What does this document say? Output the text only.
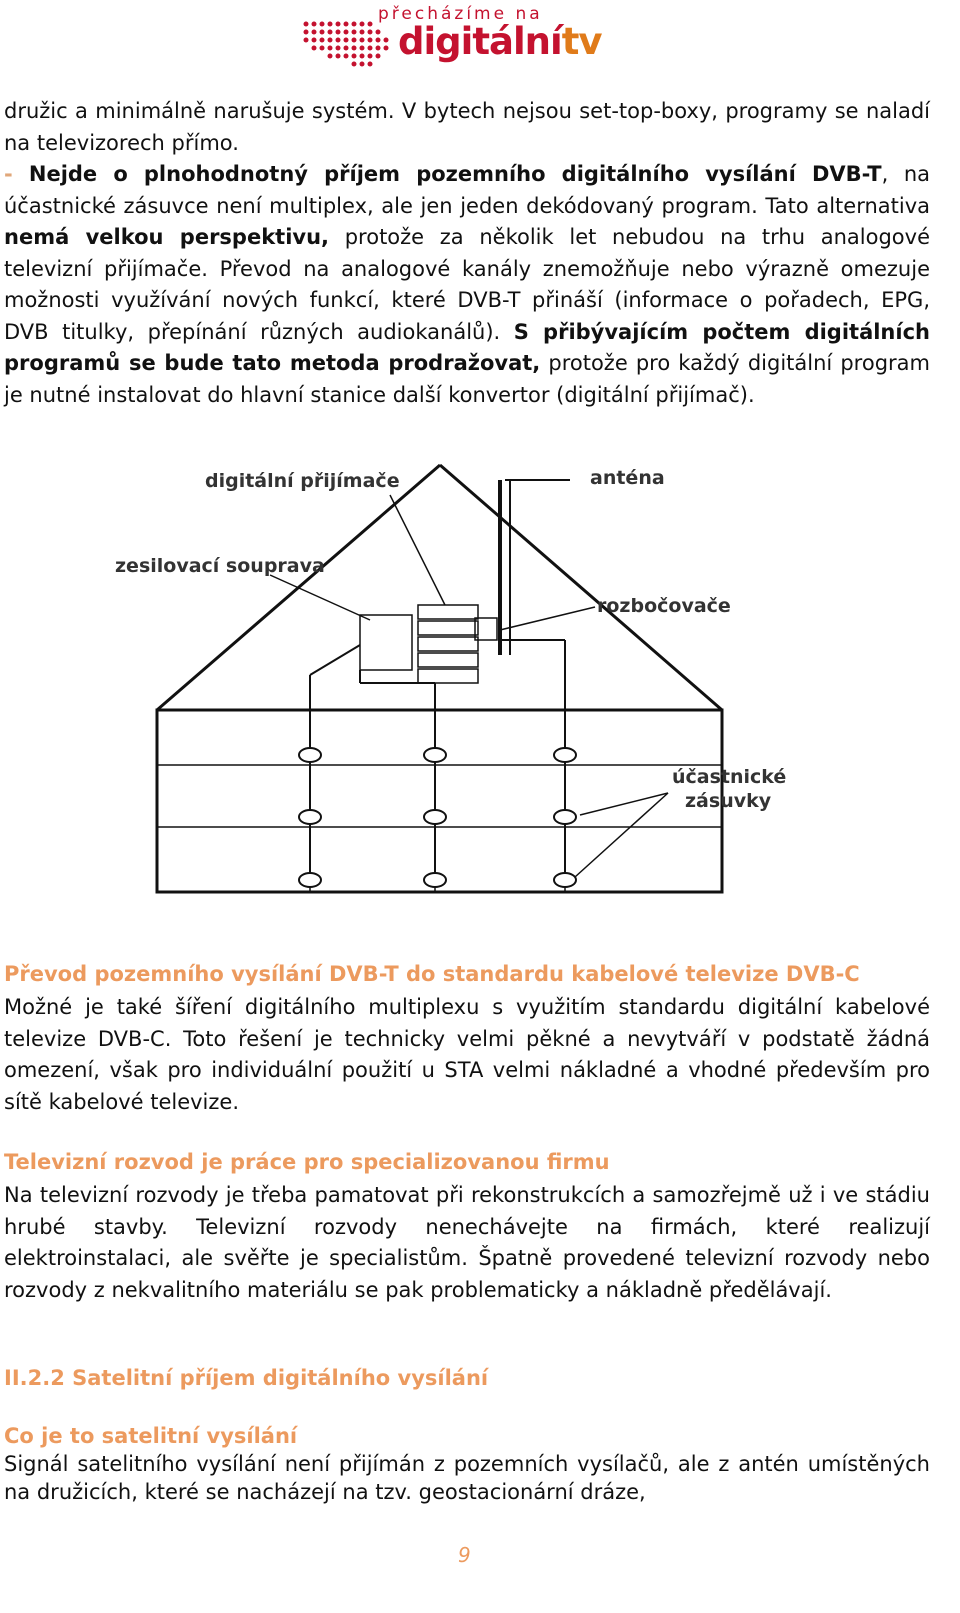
přecházíme na
digitálnítv
družic a minimálně narušuje systém. V bytech nejsou set-top-boxy, programy se naladí na televizorech přímo.
- Nejde o plnohodnotný příjem pozemního digitálního vysílání DVB-T, na účastnické zásuvce není multiplex, ale jen jeden dekódovaný program. Tato alternativa nemá velkou perspektivu, protože za několik let nebudou na trhu analogové televizní přijímače. Převod na analogové kanály znemožňuje nebo výrazně omezuje možnosti využívání nových funkcí, které DVB-T přináší (informace o pořadech, EPG, DVB titulky, přepínání různých audiokanálů). S přibývajícím počtem digitálních programů se bude tato metoda prodražovat, protože pro každý digitální program je nutné instalovat do hlavní stanice další konvertor (digitální přijímač).
digitální přijímače	anténa
zesilovací souprava
rozbočovače
účastnické
zásuvky
Převod pozemního vysílání DVB-T do standardu kabelové televize DVB-C
Možné je také šíření digitálního multiplexu s využitím standardu digitální kabelové televize DVB-C. Toto řešení je technicky velmi pěkné a nevytváří v podstatě žádná omezení, však pro individuální použití u STA velmi nákladné a vhodné především pro sítě kabelové televize.
Televizní rozvod je práce pro specializovanou firmu
Na televizní rozvody je třeba pamatovat při rekonstrukcích a samozřejmě už i ve stádiu hrubé stavby. Televizní rozvody nenechávejte na firmách, které realizují elektroinstalaci, ale svěřte je specialistům. Špatně provedené televizní rozvody nebo rozvody z nekvalitního materiálu se pak problematicky a nákladně předělávají.
II.2.2 Satelitní příjem digitálního vysílání
Co je to satelitní vysílání
Signál satelitního vysílání není přijímán z pozemních vysílačů, ale z antén umístěných na družicích, které se nacházejí na tzv. geostacionární dráze,
9
